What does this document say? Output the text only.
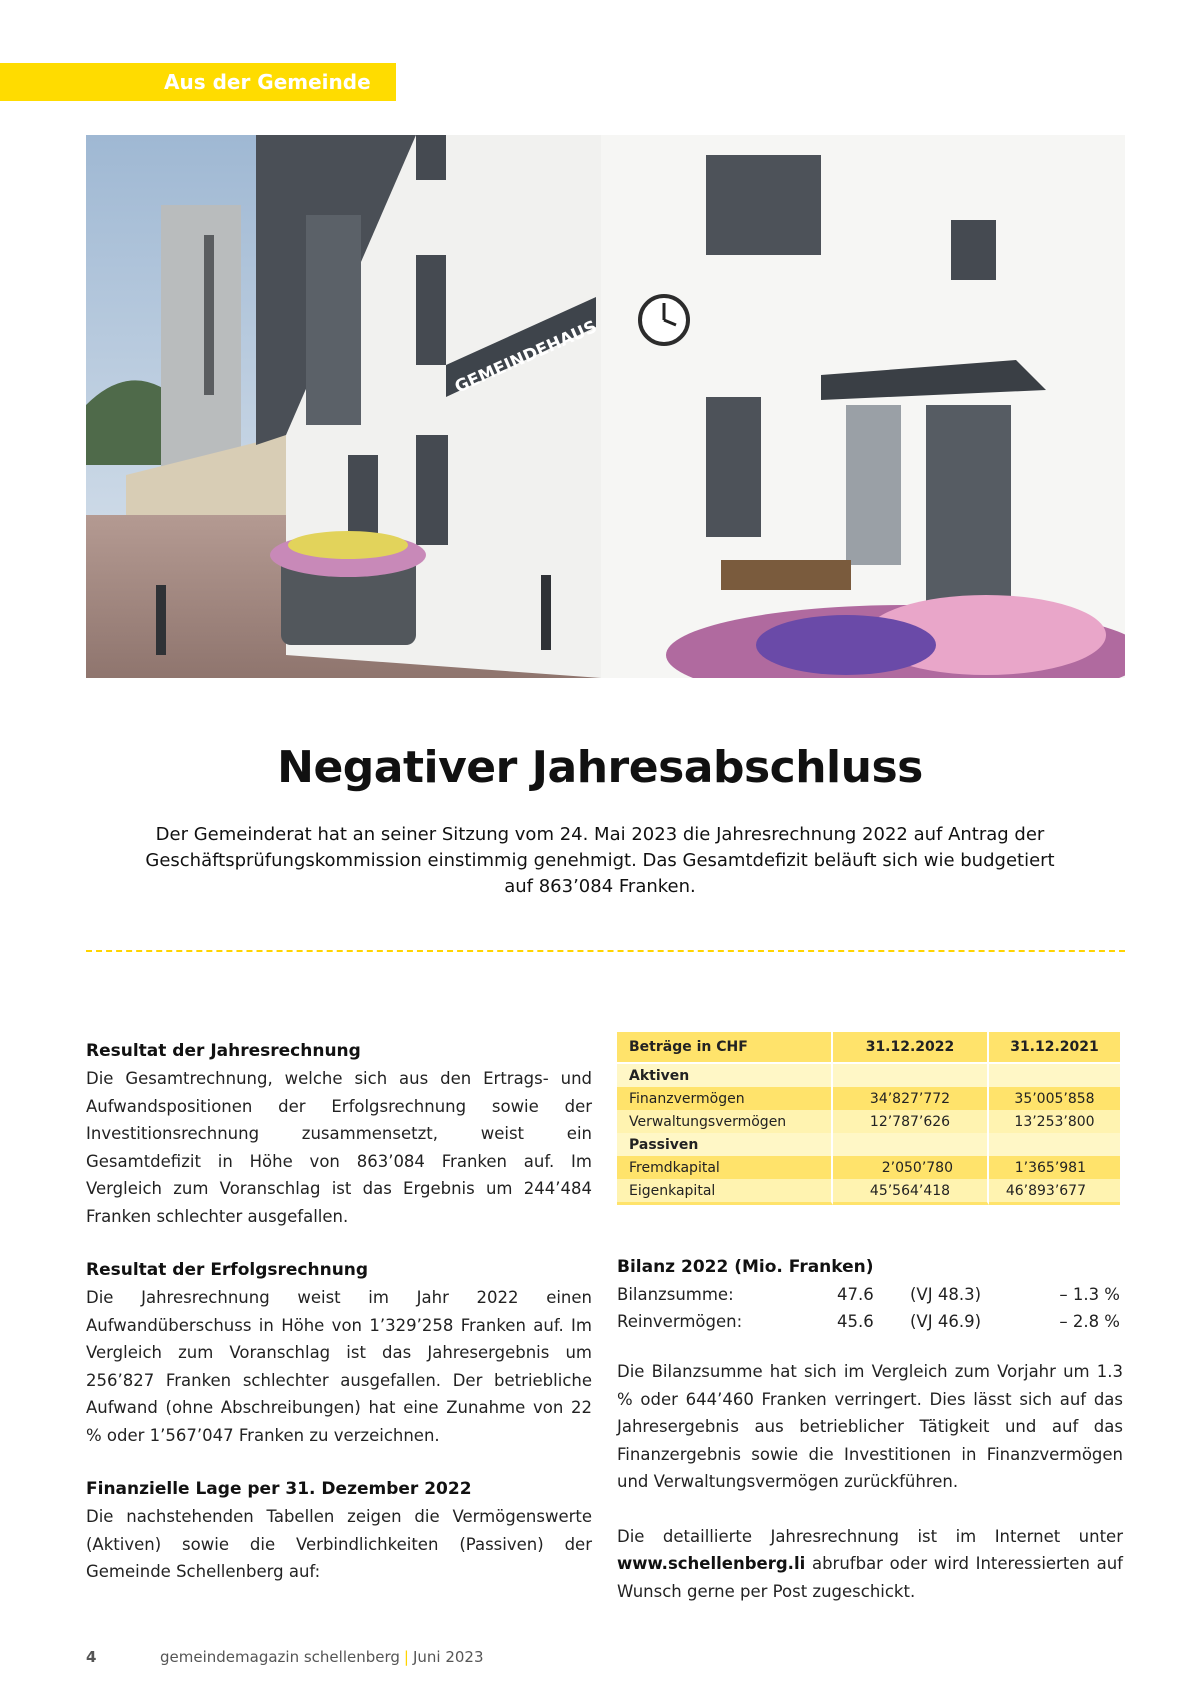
Aus der Gemeinde
GEMEINDEHAUS
Negativer Jahresabschluss
Der Gemeinderat hat an seiner Sitzung vom 24. Mai 2023 die Jahresrechnung 2022 auf Antrag der Geschäftsprüfungskommission einstimmig genehmigt. Das Gesamtdefizit beläuft sich wie budgetiert auf 863’084 Franken.
Resultat der Jahresrechnung

Die Gesamtrechnung, welche sich aus den Ertrags- und Aufwandspositionen der Erfolgsrechnung sowie der Investitionsrechnung zusammensetzt, weist ein Gesamtdefizit in Höhe von 863’084 Franken auf. Im Vergleich zum Voranschlag ist das Ergebnis um 244’484 Franken schlechter ausgefallen.

Resultat der Erfolgsrechnung

Die Jahresrechnung weist im Jahr 2022 einen Aufwandüberschuss in Höhe von 1’329’258 Franken auf. Im Vergleich zum Voranschlag ist das Jahresergebnis um 256’827 Franken schlechter ausgefallen. Der betriebliche Aufwand (ohne Abschreibungen) hat eine Zunahme von 22 % oder 1’567’047 Franken zu verzeichnen.

Finanzielle Lage per 31. Dezember 2022

Die nachstehenden Tabellen zeigen die Vermögenswerte (Aktiven) sowie die Verbindlichkeiten (Passiven) der Gemeinde Schellenberg auf:

Beträge in CHF	31.12.2022	31.12.2021
Aktiven		
Finanzvermögen	34’827’772	35’005’858
Verwaltungsvermögen	12’787’626	13’253’800
Passiven		
Fremdkapital	2’050’780	1’365’981
Eigenkapital	45’564’418	46’893’677
Bilanz 2022 (Mio. Franken)
Bilanzsumme:	47.6 (VJ 48.3)	– 1.3 %
Reinvermögen:	45.6 (VJ 46.9)	– 2.8 %

Die Bilanzsumme hat sich im Vergleich zum Vorjahr um 1.3 % oder 644’460 Franken verringert. Dies lässt sich auf das Jahresergebnis aus betrieblicher Tätigkeit und auf das Finanzergebnis sowie die Investitionen in Finanzvermögen und Verwaltungsvermögen zurückführen.

Die detaillierte Jahresrechnung ist im Internet unter www.schellenberg.li abrufbar oder wird Interessierten auf Wunsch gerne per Post zugeschickt.

4	gemeindemagazin schellenberg | Juni 2023
